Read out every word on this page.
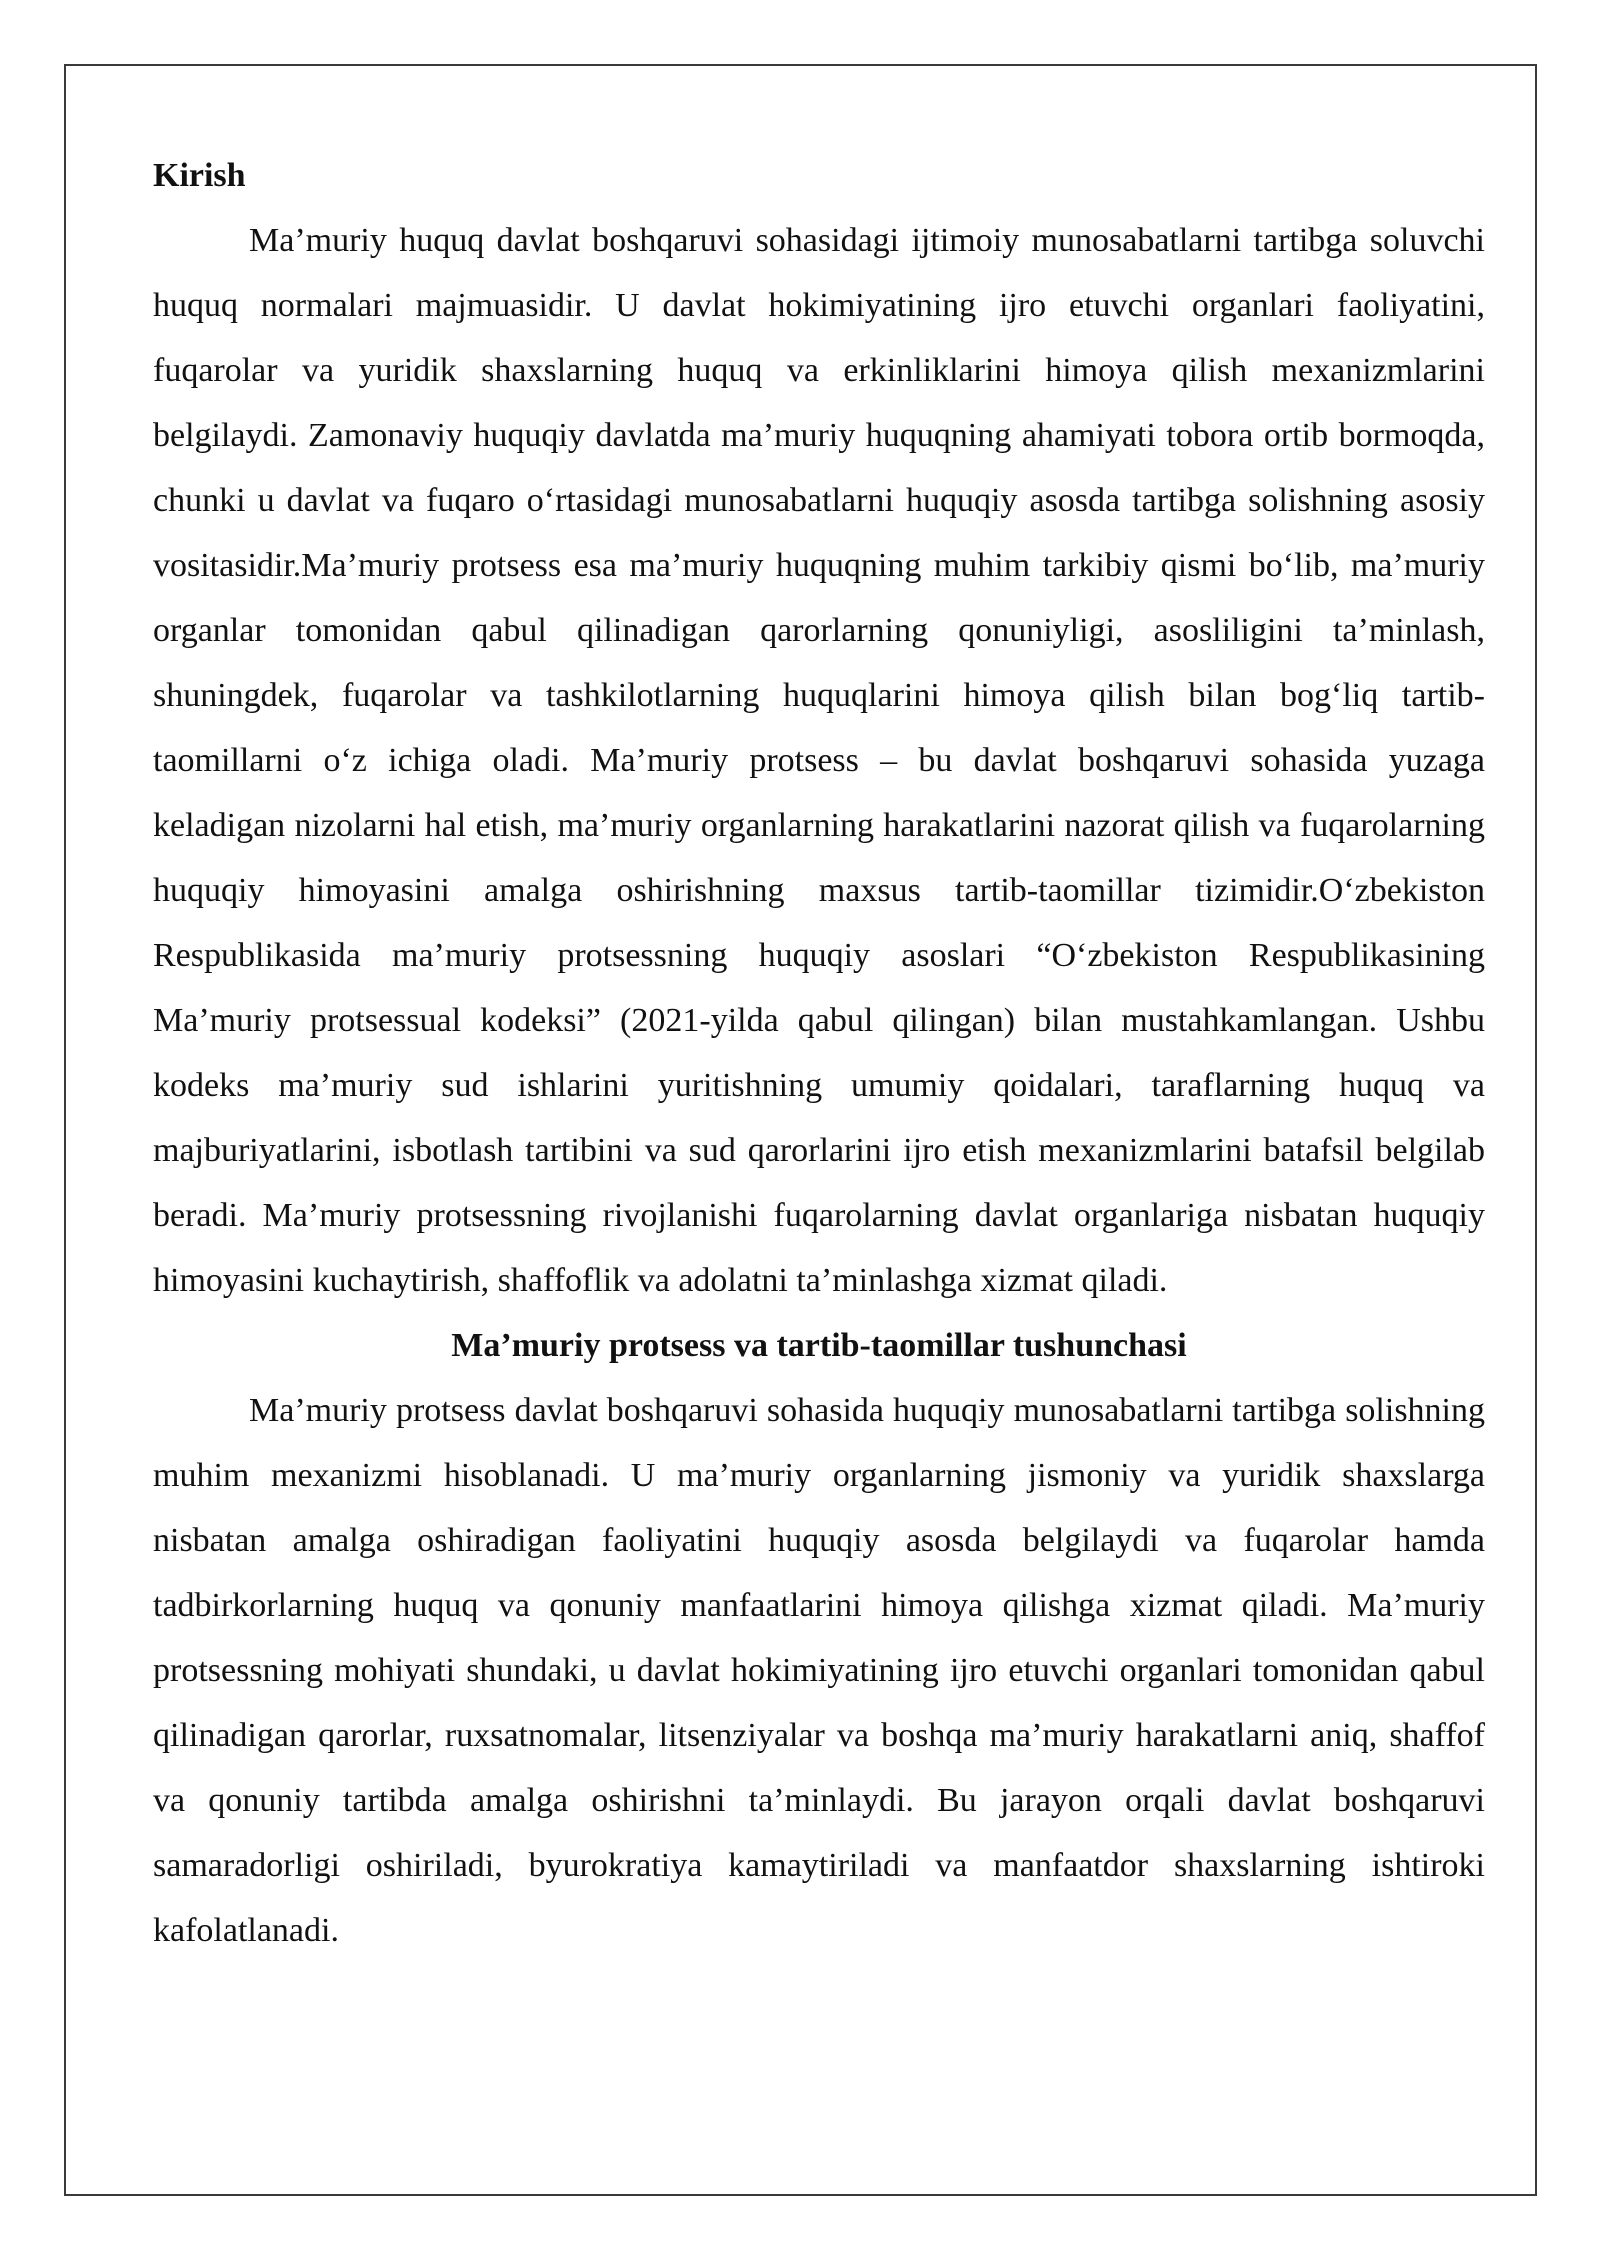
Kirish

Ma’muriy huquq davlat boshqaruvi sohasidagi ijtimoiy munosabatlarni tartibga soluvchi huquq normalari majmuasidir. U davlat hokimiyatining ijro etuvchi organlari faoliyatini, fuqarolar va yuridik shaxslarning huquq va erkinliklarini himoya qilish mexanizmlarini belgilaydi. Zamonaviy huquqiy davlatda ma’muriy huquqning ahamiyati tobora ortib bormoqda, chunki u davlat va fuqaro oʻrtasidagi munosabatlarni huquqiy asosda tartibga solishning asosiy vositasidir.Ma’muriy protsess esa ma’muriy huquqning muhim tarkibiy qismi boʻlib, ma’muriy organlar tomonidan qabul qilinadigan qarorlarning qonuniyligi, asosliligini ta’minlash, shuningdek, fuqarolar va tashkilotlarning huquqlarini himoya qilish bilan bogʻliq tartib-taomillarni oʻz ichiga oladi. Ma’muriy protsess – bu davlat boshqaruvi sohasida yuzaga keladigan nizolarni hal etish, ma’muriy organlarning harakatlarini nazorat qilish va fuqarolarning huquqiy himoyasini amalga oshirishning maxsus tartib-taomillar tizimidir.Oʻzbekiston Respublikasida ma’muriy protsessning huquqiy asoslari “Oʻzbekiston Respublikasining Ma’muriy protsessual kodeksi” (2021-yilda qabul qilingan) bilan mustahkamlangan. Ushbu kodeks ma’muriy sud ishlarini yuritishning umumiy qoidalari, taraflarning huquq va majburiyatlarini, isbotlash tartibini va sud qarorlarini ijro etish mexanizmlarini batafsil belgilab beradi. Ma’muriy protsessning rivojlanishi fuqarolarning davlat organlariga nisbatan huquqiy himoyasini kuchaytirish, shaffoflik va adolatni ta’minlashga xizmat qiladi.

Ma’muriy protsess va tartib-taomillar tushunchasi

Ma’muriy protsess davlat boshqaruvi sohasida huquqiy munosabatlarni tartibga solishning muhim mexanizmi hisoblanadi. U ma’muriy organlarning jismoniy va yuridik shaxslarga nisbatan amalga oshiradigan faoliyatini huquqiy asosda belgilaydi va fuqarolar hamda tadbirkorlarning huquq va qonuniy manfaatlarini himoya qilishga xizmat qiladi. Ma’muriy protsessning mohiyati shundaki, u davlat hokimiyatining ijro etuvchi organlari tomonidan qabul qilinadigan qarorlar, ruxsatnomalar, litsenziyalar va boshqa ma’muriy harakatlarni aniq, shaffof va qonuniy tartibda amalga oshirishni ta’minlaydi. Bu jarayon orqali davlat boshqaruvi samaradorligi oshiriladi, byurokratiya kamaytiriladi va manfaatdor shaxslarning ishtiroki kafolatlanadi.
